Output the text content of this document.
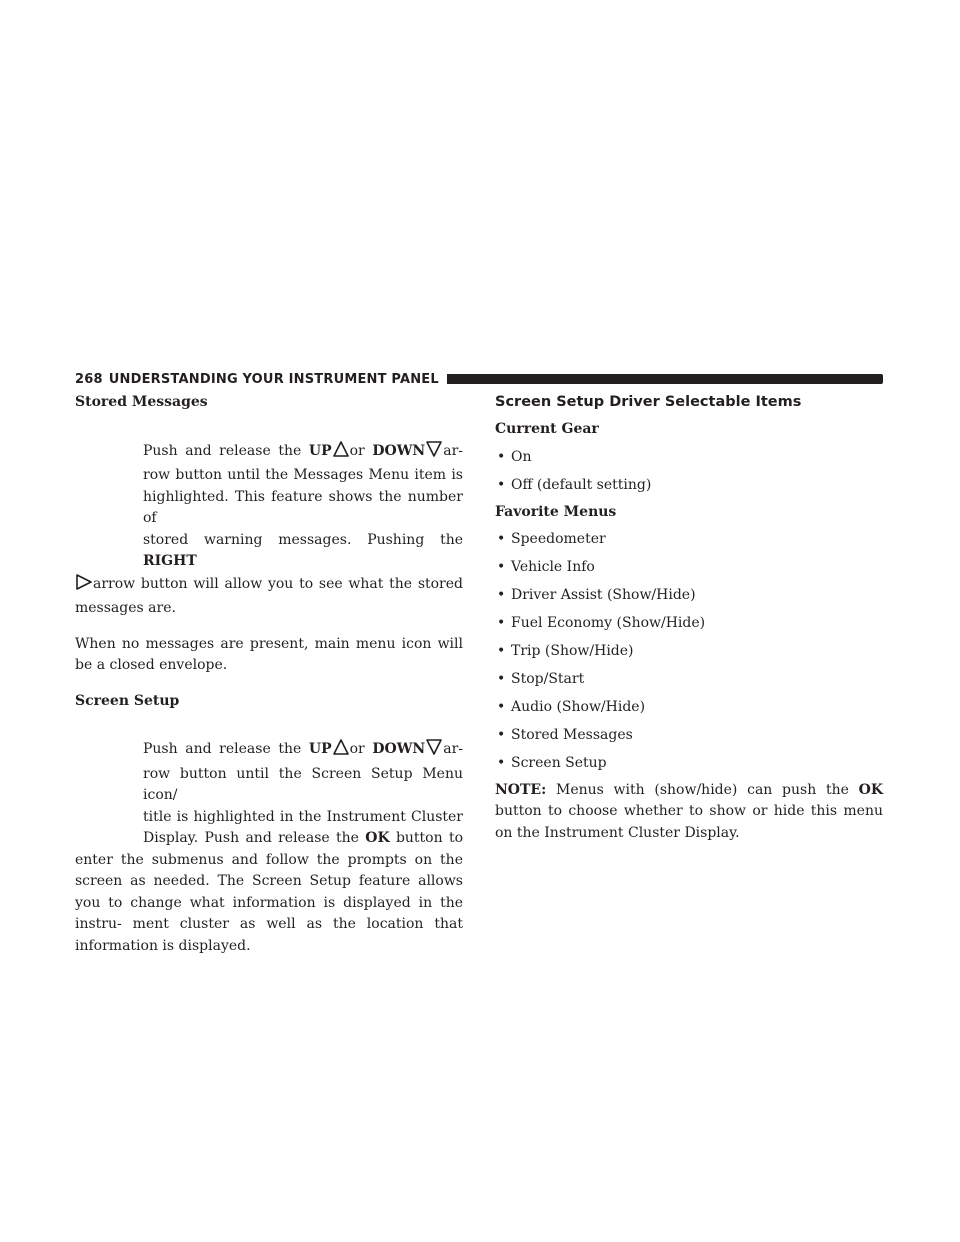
268 UNDERSTANDING YOUR INSTRUMENT PANEL

Stored Messages

Push and release the UP or DOWN ar-

row button until the Messages Menu item is

highlighted. This feature shows the number of

stored warning messages. Pushing the RIGHT

arrow button will allow you to see what the stored

messages are.

When no messages are present, main menu icon will be a closed envelope.

Screen Setup

Push and release the UP or DOWN ar-

row button until the Screen Setup Menu icon/

title is highlighted in the Instrument Cluster

Display. Push and release the OK button to

enter the submenus and follow the prompts on the screen as needed. The Screen Setup feature allows you to change what information is displayed in the instru- ment cluster as well as the location that information is displayed.

Screen Setup Driver Selectable Items

Current Gear

• On

• Off (default setting)

Favorite Menus

• Speedometer

• Vehicle Info

• Driver Assist (Show/Hide)

• Fuel Economy (Show/Hide)

• Trip (Show/Hide)

• Stop/Start

• Audio (Show/Hide)

• Stored Messages

• Screen Setup

NOTE: Menus with (show/hide) can push the OK button to choose whether to show or hide this menu on the Instrument Cluster Display.
